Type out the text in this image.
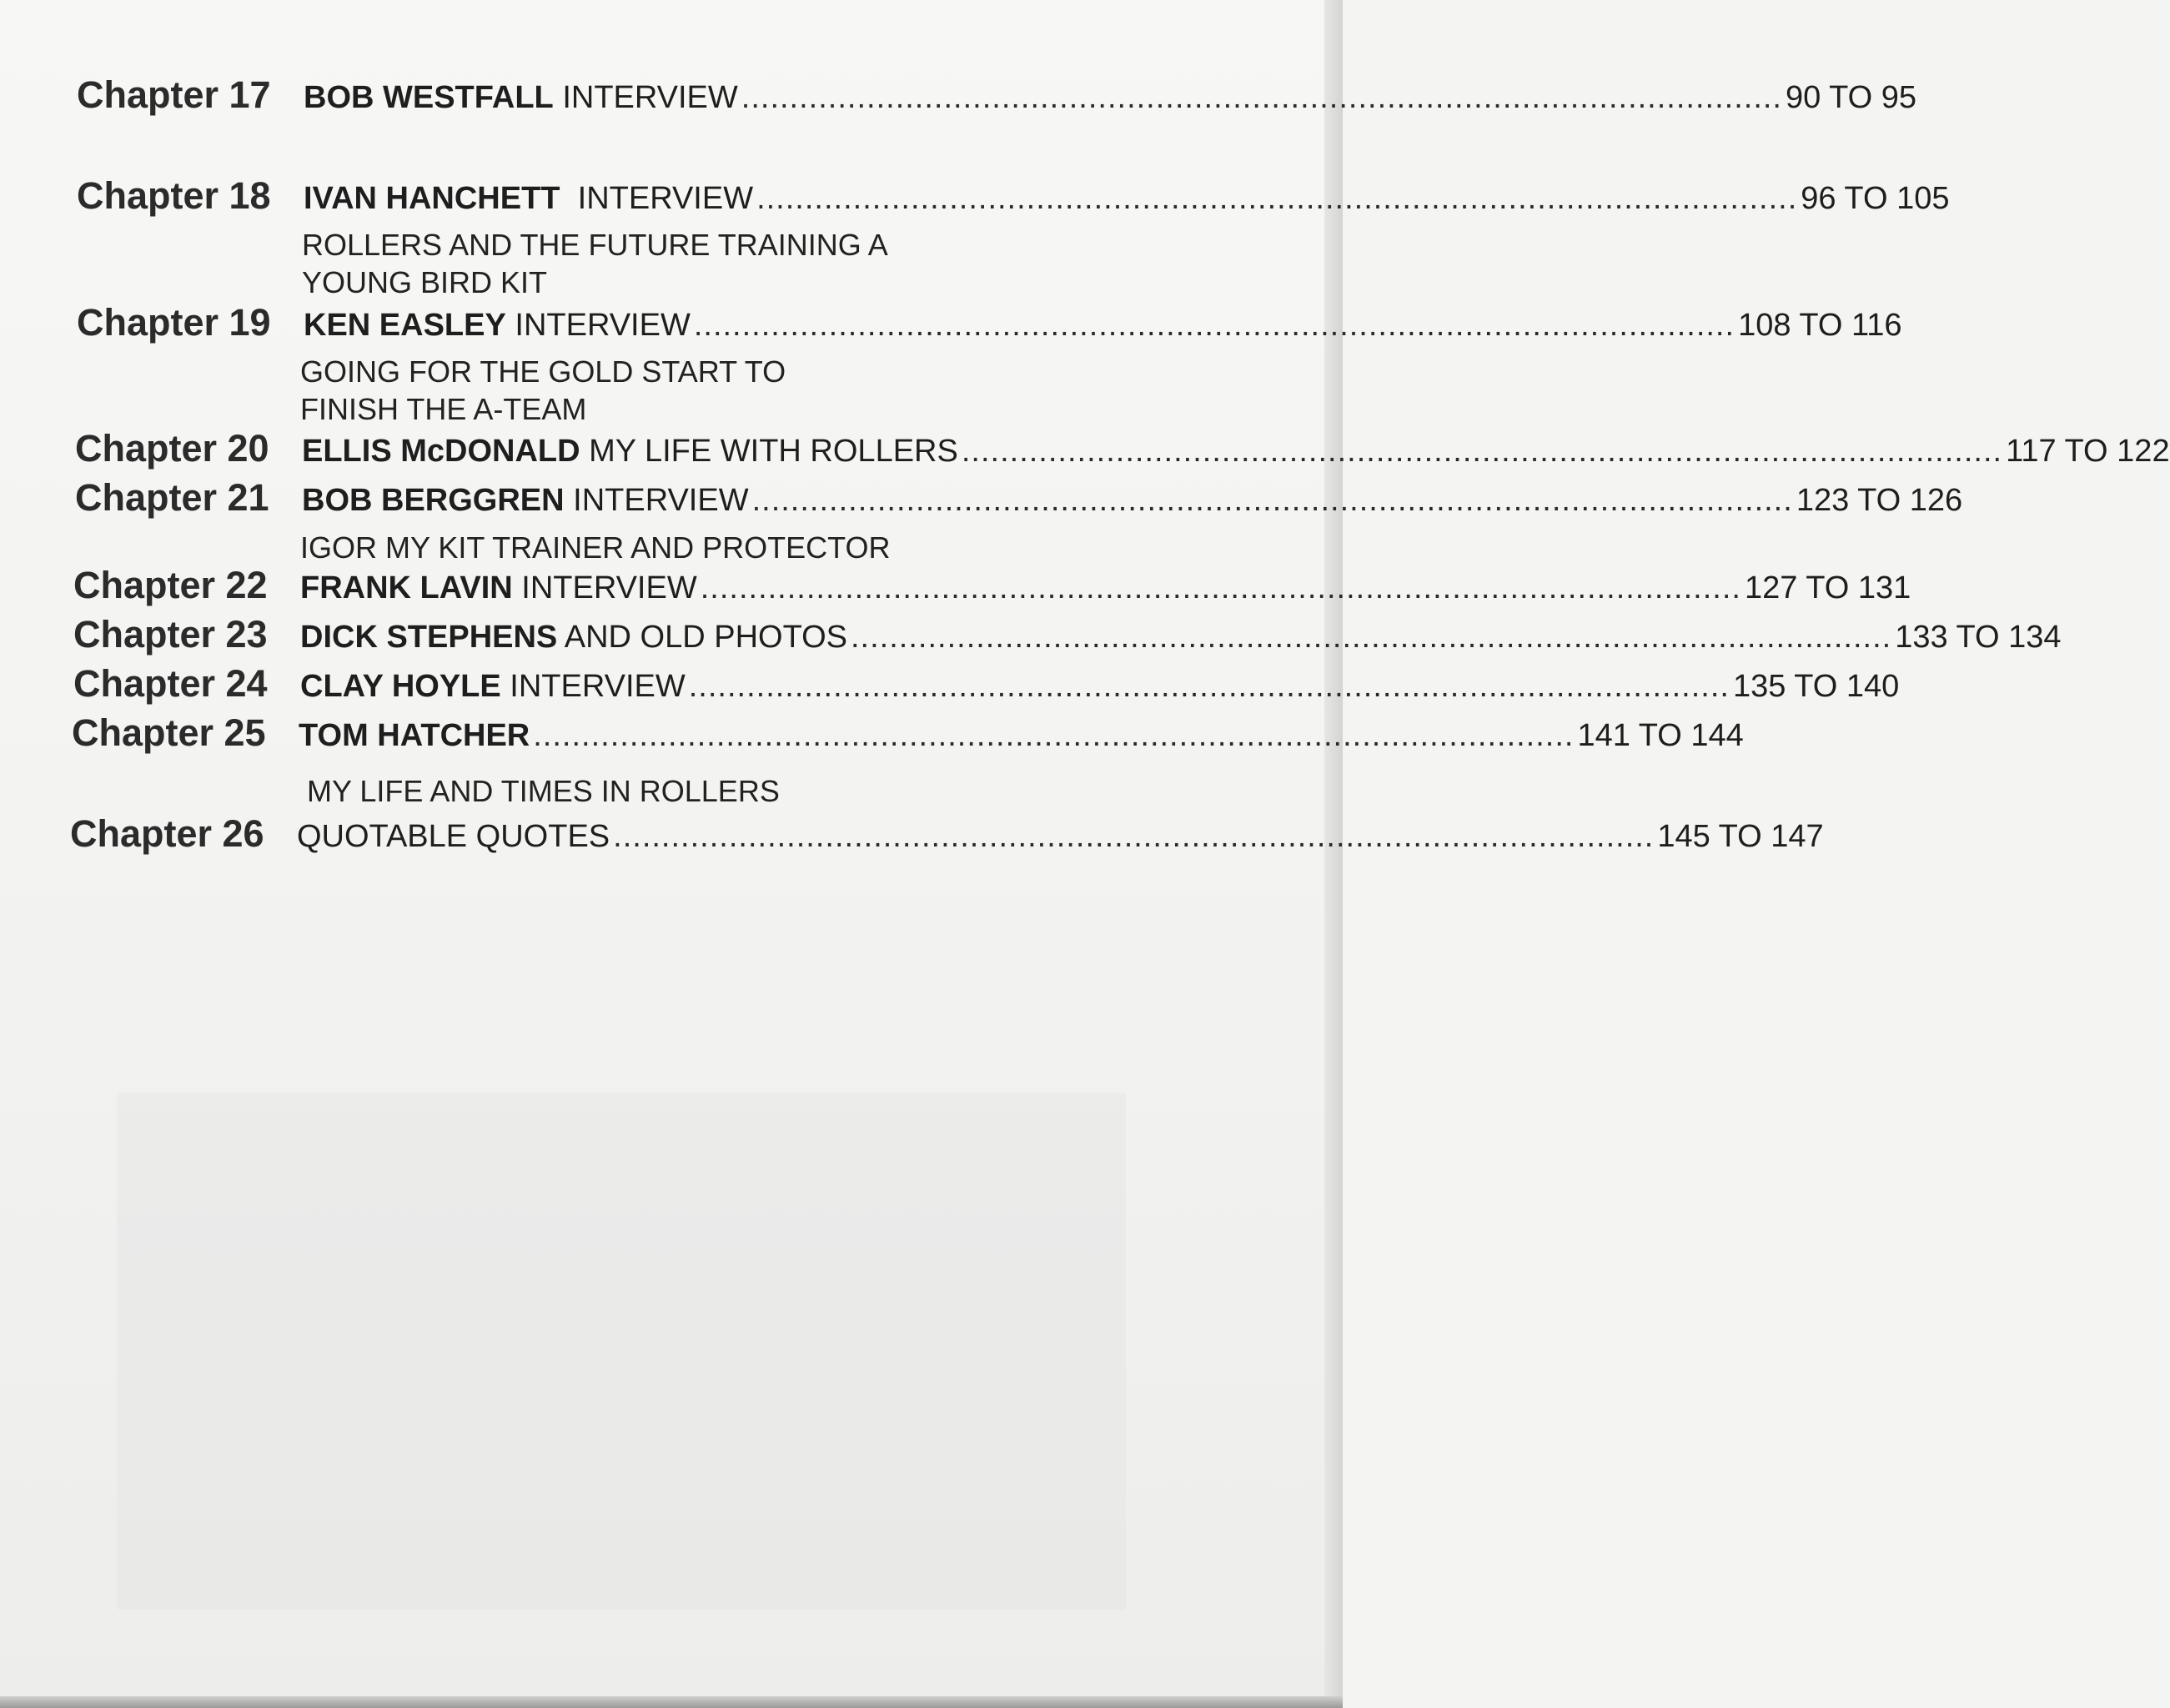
Chapter 17	BOB WESTFALL INTERVIEW ............................................................................................................ 90 TO 95
Chapter 18	IVAN HANCHETT  INTERVIEW ............................................................................................................ 96 TO 105
ROLLERS AND THE FUTURE TRAINING A
YOUNG BIRD KIT
Chapter 19	KEN EASLEY INTERVIEW ............................................................................................................ 108 TO 116
GOING FOR THE GOLD START TO
FINISH THE A-TEAM
Chapter 20	ELLIS McDONALD MY LIFE WITH ROLLERS ............................................................................................................ 117 TO 122
Chapter 21	BOB BERGGREN INTERVIEW ............................................................................................................ 123 TO 126
IGOR MY KIT TRAINER AND PROTECTOR
Chapter 22	FRANK LAVIN INTERVIEW ............................................................................................................ 127 TO 131
Chapter 23	DICK STEPHENS AND OLD PHOTOS ............................................................................................................ 133 TO 134
Chapter 24	CLAY HOYLE INTERVIEW ............................................................................................................ 135 TO 140
Chapter 25	TOM HATCHER ............................................................................................................ 141 TO 144
MY LIFE AND TIMES IN ROLLERS
Chapter 26	QUOTABLE QUOTES ............................................................................................................ 145 TO 147
